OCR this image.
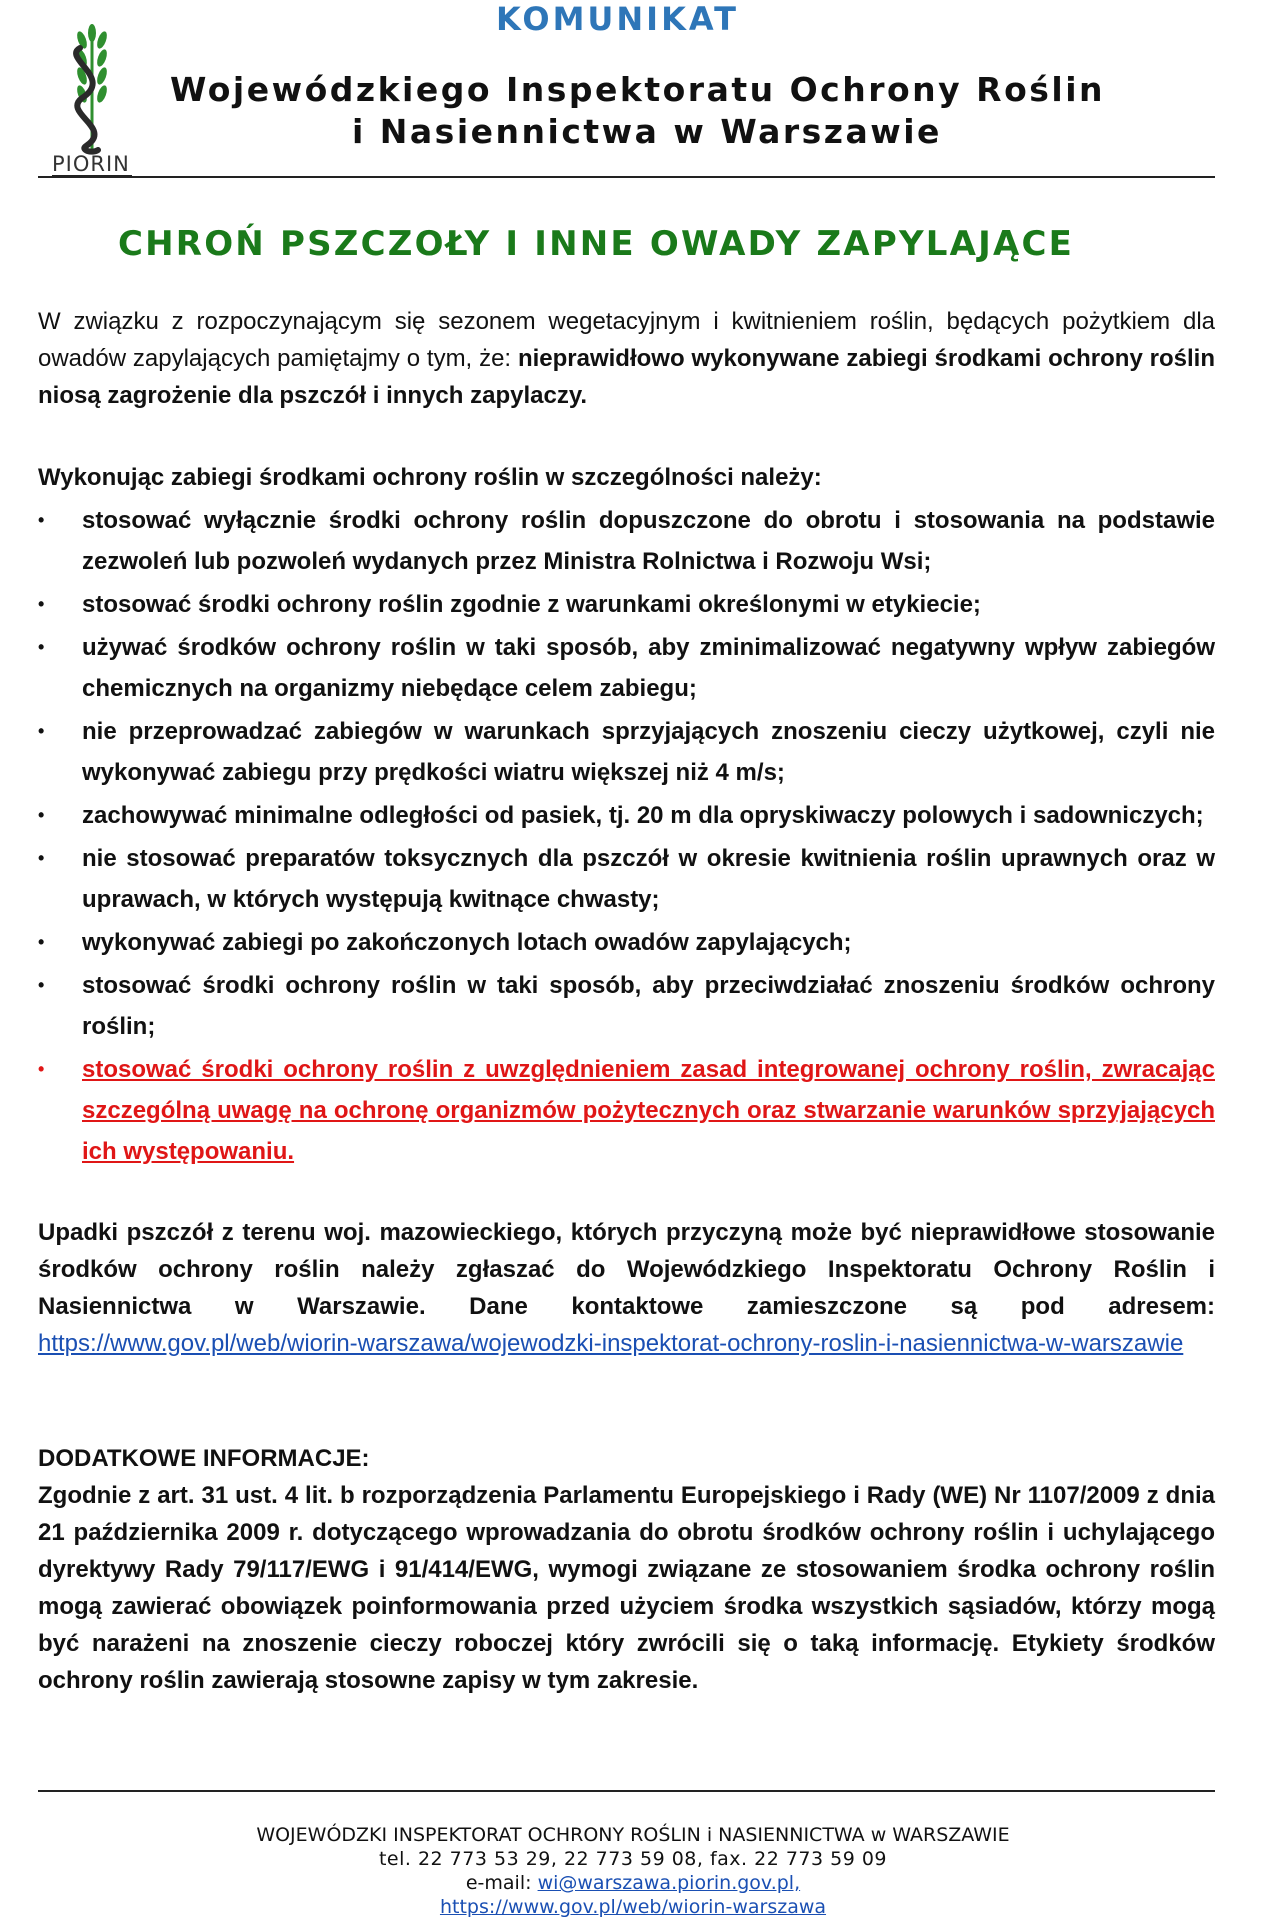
PIORIN
KOMUNIKAT
Wojewódzkiego Inspektoratu Ochrony Roślin
i Nasiennictwa w Warszawie
CHROŃ PSZCZOŁY I INNE OWADY ZAPYLAJĄCE

W związku z rozpoczynającym się sezonem wegetacyjnym i kwitnieniem roślin, będących pożytkiem dla owadów zapylających pamiętajmy o tym, że: nieprawidłowo wykonywane zabiegi środkami ochrony roślin niosą zagrożenie dla pszczół i innych zapylaczy.

Wykonując zabiegi środkami ochrony roślin w szczególności należy:
• stosować wyłącznie środki ochrony roślin dopuszczone do obrotu i stosowania na podstawie zezwoleń lub pozwoleń wydanych przez Ministra Rolnictwa i Rozwoju Wsi;
• stosować środki ochrony roślin zgodnie z warunkami określonymi w etykiecie;
• używać środków ochrony roślin w taki sposób, aby zminimalizować negatywny wpływ zabiegów chemicznych na organizmy niebędące celem zabiegu;
• nie przeprowadzać zabiegów w warunkach sprzyjających znoszeniu cieczy użytkowej, czyli nie wykonywać zabiegu przy prędkości wiatru większej niż 4 m/s;
• zachowywać minimalne odległości od pasiek, tj. 20 m dla opryskiwaczy polowych i sadowniczych;
• nie stosować preparatów toksycznych dla pszczół w okresie kwitnienia roślin uprawnych oraz w uprawach, w których występują kwitnące chwasty;
• wykonywać zabiegi po zakończonych lotach owadów zapylających;
• stosować środki ochrony roślin w taki sposób, aby przeciwdziałać znoszeniu środków ochrony roślin;
• stosować środki ochrony roślin z uwzględnieniem zasad integrowanej ochrony roślin, zwracając szczególną uwagę na ochronę organizmów pożytecznych oraz stwarzanie warunków sprzyjających ich występowaniu.

Upadki pszczół z terenu woj. mazowieckiego, których przyczyną może być nieprawidłowe stosowanie środków ochrony roślin należy zgłaszać do Wojewódzkiego Inspektoratu Ochrony Roślin i Nasiennictwa w Warszawie. Dane kontaktowe zamieszczone są pod adresem: https://www.gov.pl/web/wiorin-warszawa/wojewodzki-inspektorat-ochrony-roslin-i-nasiennictwa-w-warszawie

DODATKOWE INFORMACJE:

Zgodnie z art. 31 ust. 4 lit. b rozporządzenia Parlamentu Europejskiego i Rady (WE) Nr 1107/2009 z dnia 21 października 2009 r. dotyczącego wprowadzania do obrotu środków ochrony roślin i uchylającego dyrektywy Rady 79/117/EWG i 91/414/EWG, wymogi związane ze stosowaniem środka ochrony roślin mogą zawierać obowiązek poinformowania przed użyciem środka wszystkich sąsiadów, którzy mogą być narażeni na znoszenie cieczy roboczej który zwrócili się o taką informację. Etykiety środków ochrony roślin zawierają stosowne zapisy w tym zakresie.

WOJEWÓDZKI INSPEKTORAT OCHRONY ROŚLIN i NASIENNICTWA w WARSZAWIE
tel. 22 773 53 29, 22 773 59 08, fax. 22 773 59 09
e-mail: wi@warszawa.piorin.gov.pl,
https://www.gov.pl/web/wiorin-warszawa
